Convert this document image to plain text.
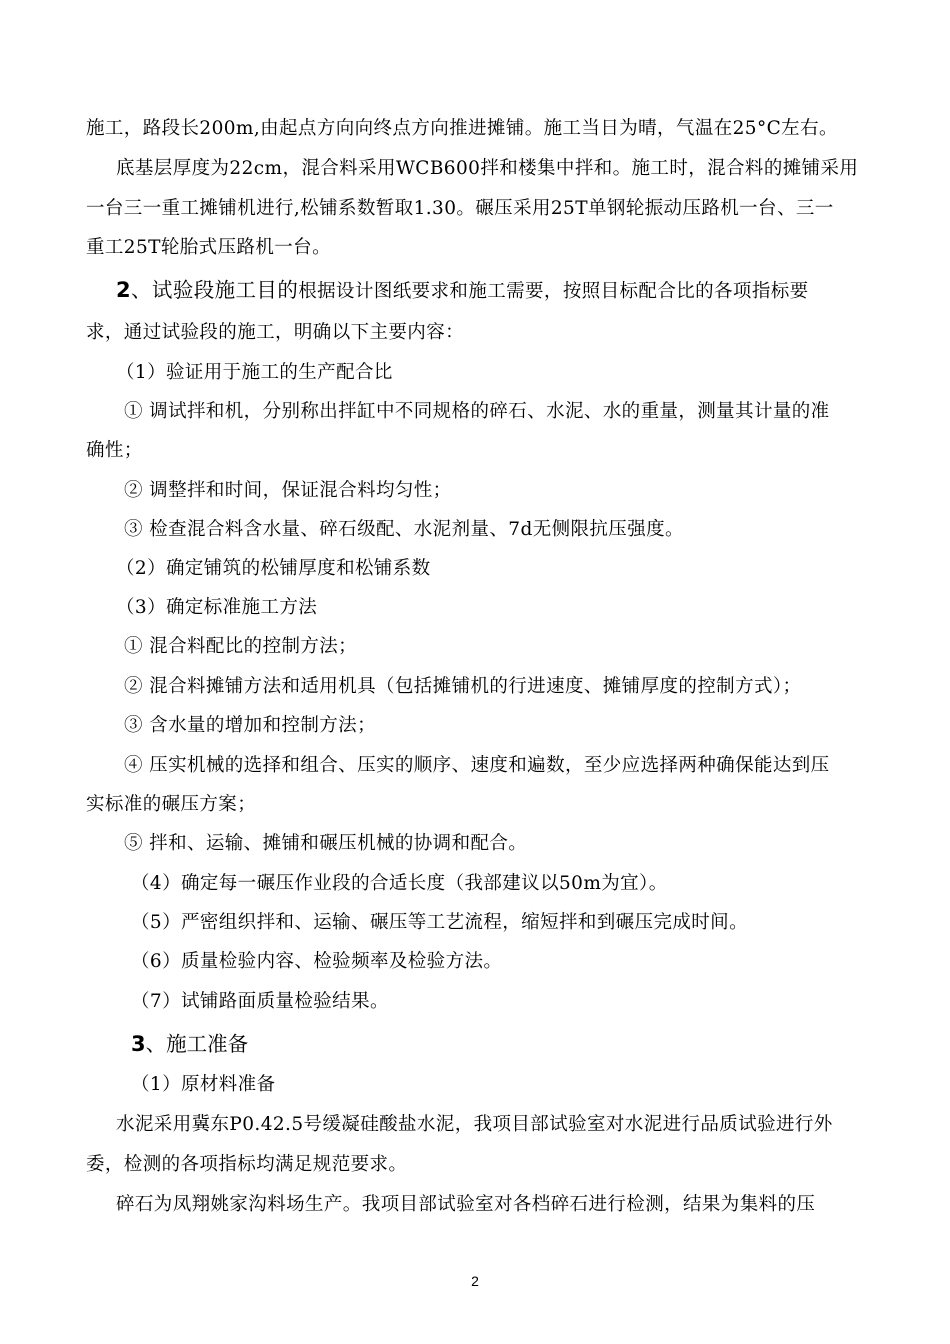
施工，路段长200m,由起点方向向终点方向推进摊铺。施工当日为晴，气温在25°C左右。
底基层厚度为22cm，混合料采用WCB600拌和楼集中拌和。施工时，混合料的摊铺采用
一台三一重工摊铺机进行,松铺系数暂取1.30。碾压采用25T单钢轮振动压路机一台、三一
重工25T轮胎式压路机一台。
2、试验段施工目的根据设计图纸要求和施工需要，按照目标配合比的各项指标要
求，通过试验段的施工，明确以下主要内容：
（1）验证用于施工的生产配合比
① 调试拌和机，分别称出拌缸中不同规格的碎石、水泥、水的重量，测量其计量的准
确性；
② 调整拌和时间，保证混合料均匀性；
③ 检查混合料含水量、碎石级配、水泥剂量、7d无侧限抗压强度。
（2）确定铺筑的松铺厚度和松铺系数
（3）确定标准施工方法
① 混合料配比的控制方法；
② 混合料摊铺方法和适用机具（包括摊铺机的行进速度、摊铺厚度的控制方式）；
③ 含水量的增加和控制方法；
④ 压实机械的选择和组合、压实的顺序、速度和遍数，至少应选择两种确保能达到压
实标准的碾压方案；
⑤ 拌和、运输、摊铺和碾压机械的协调和配合。
（4）确定每一碾压作业段的合适长度（我部建议以50m为宜）。
（5）严密组织拌和、运输、碾压等工艺流程，缩短拌和到碾压完成时间。
（6）质量检验内容、检验频率及检验方法。
（7）试铺路面质量检验结果。
3、施工准备
（1）原材料准备
水泥采用冀东P0.42.5号缓凝硅酸盐水泥，我项目部试验室对水泥进行品质试验进行外
委，检测的各项指标均满足规范要求。
碎石为凤翔姚家沟料场生产。我项目部试验室对各档碎石进行检测，结果为集料的压
2
